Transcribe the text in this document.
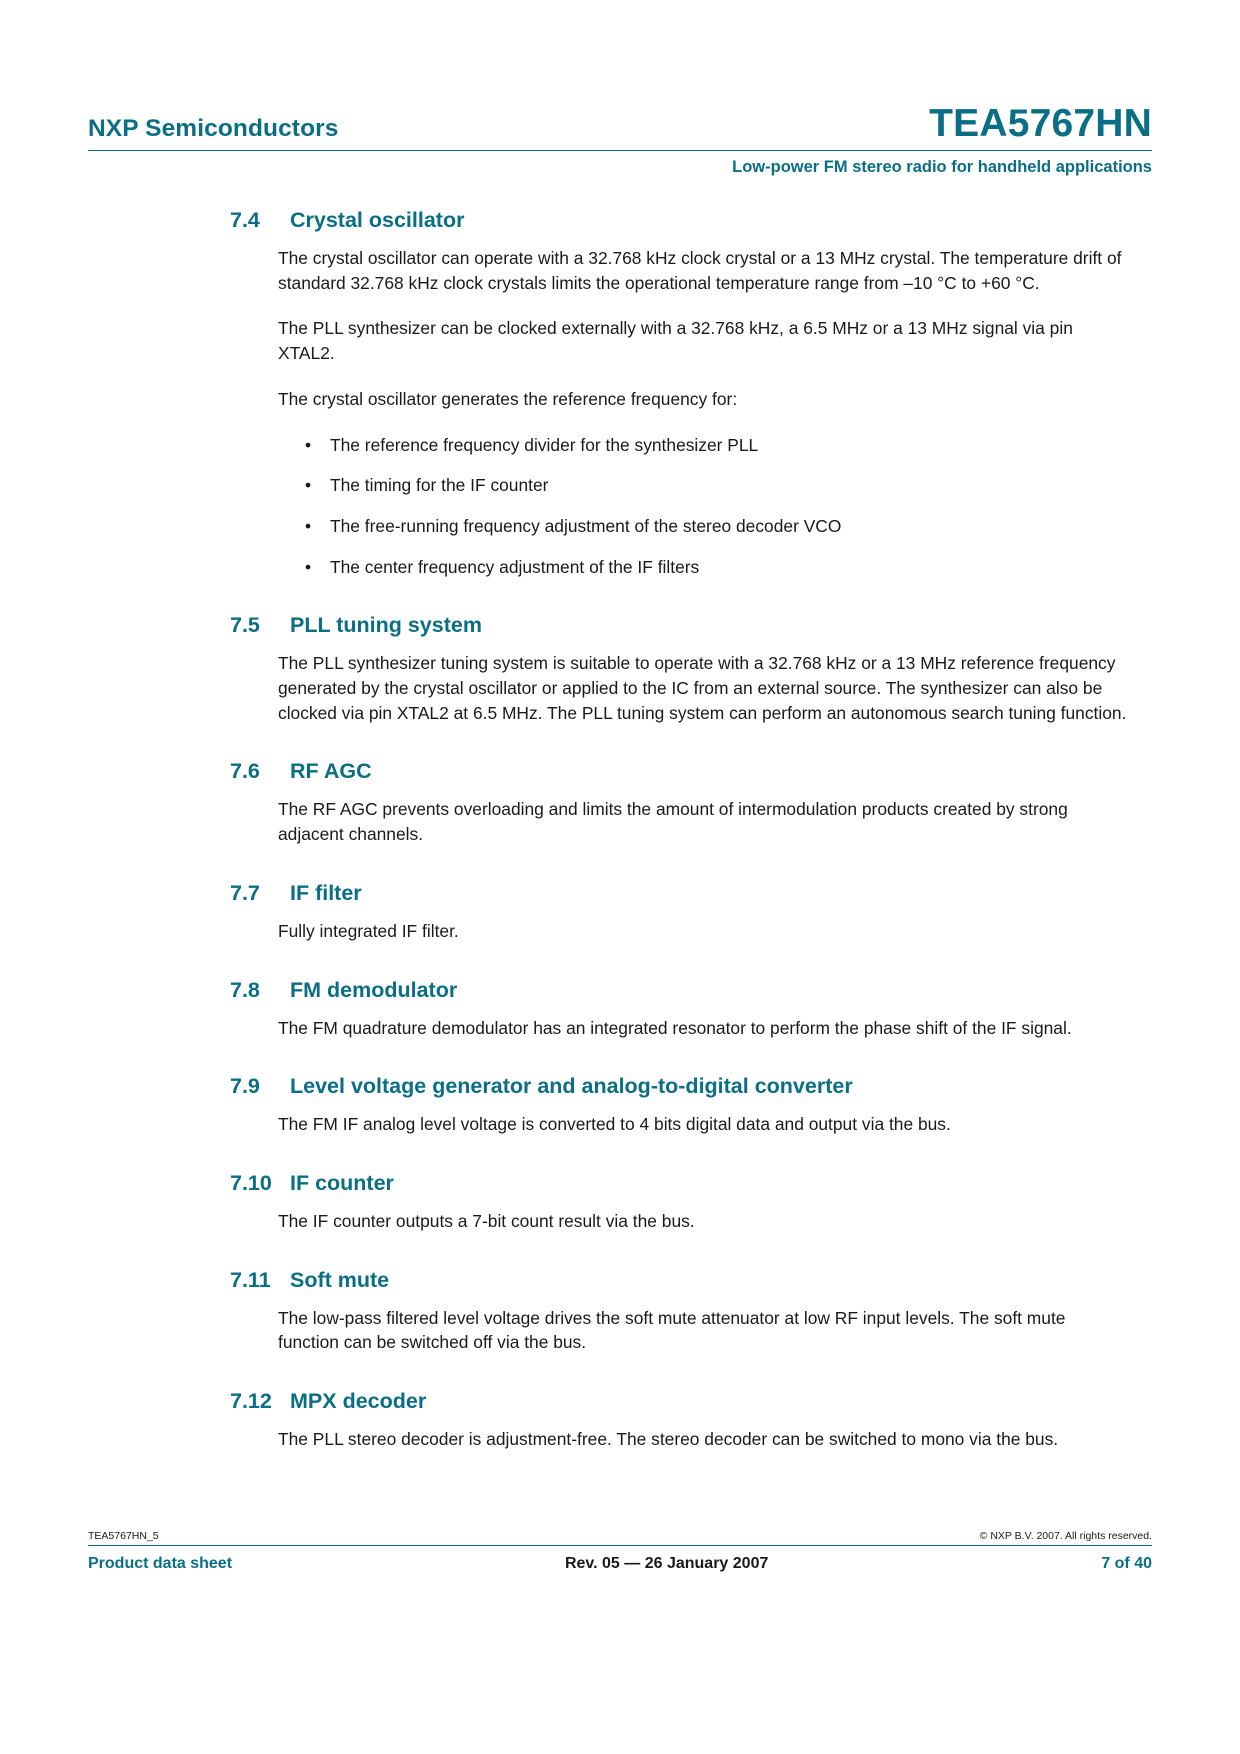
NXP Semiconductors	TEA5767HN
Low-power FM stereo radio for handheld applications
7.4	Crystal oscillator

The crystal oscillator can operate with a 32.768 kHz clock crystal or a 13 MHz crystal. The temperature drift of standard 32.768 kHz clock crystals limits the operational temperature range from –10 °C to +60 °C.

The PLL synthesizer can be clocked externally with a 32.768 kHz, a 6.5 MHz or a 13 MHz signal via pin XTAL2.

The crystal oscillator generates the reference frequency for:

• The reference frequency divider for the synthesizer PLL
• The timing for the IF counter
• The free-running frequency adjustment of the stereo decoder VCO
• The center frequency adjustment of the IF filters
7.5	PLL tuning system

The PLL synthesizer tuning system is suitable to operate with a 32.768 kHz or a 13 MHz reference frequency generated by the crystal oscillator or applied to the IC from an external source. The synthesizer can also be clocked via pin XTAL2 at 6.5 MHz. The PLL tuning system can perform an autonomous search tuning function.

7.6	RF AGC

The RF AGC prevents overloading and limits the amount of intermodulation products created by strong adjacent channels.

7.7	IF filter

Fully integrated IF filter.

7.8	FM demodulator

The FM quadrature demodulator has an integrated resonator to perform the phase shift of the IF signal.

7.9	Level voltage generator and analog-to-digital converter

The FM IF analog level voltage is converted to 4 bits digital data and output via the bus.

7.10 IF counter

The IF counter outputs a 7-bit count result via the bus.

7.11 Soft mute

The low-pass filtered level voltage drives the soft mute attenuator at low RF input levels. The soft mute function can be switched off via the bus.

7.12 MPX decoder

The PLL stereo decoder is adjustment-free. The stereo decoder can be switched to mono via the bus.

TEA5767HN_5	© NXP B.V. 2007. All rights reserved.
Product data sheet	Rev. 05 — 26 January 2007	7 of 40
